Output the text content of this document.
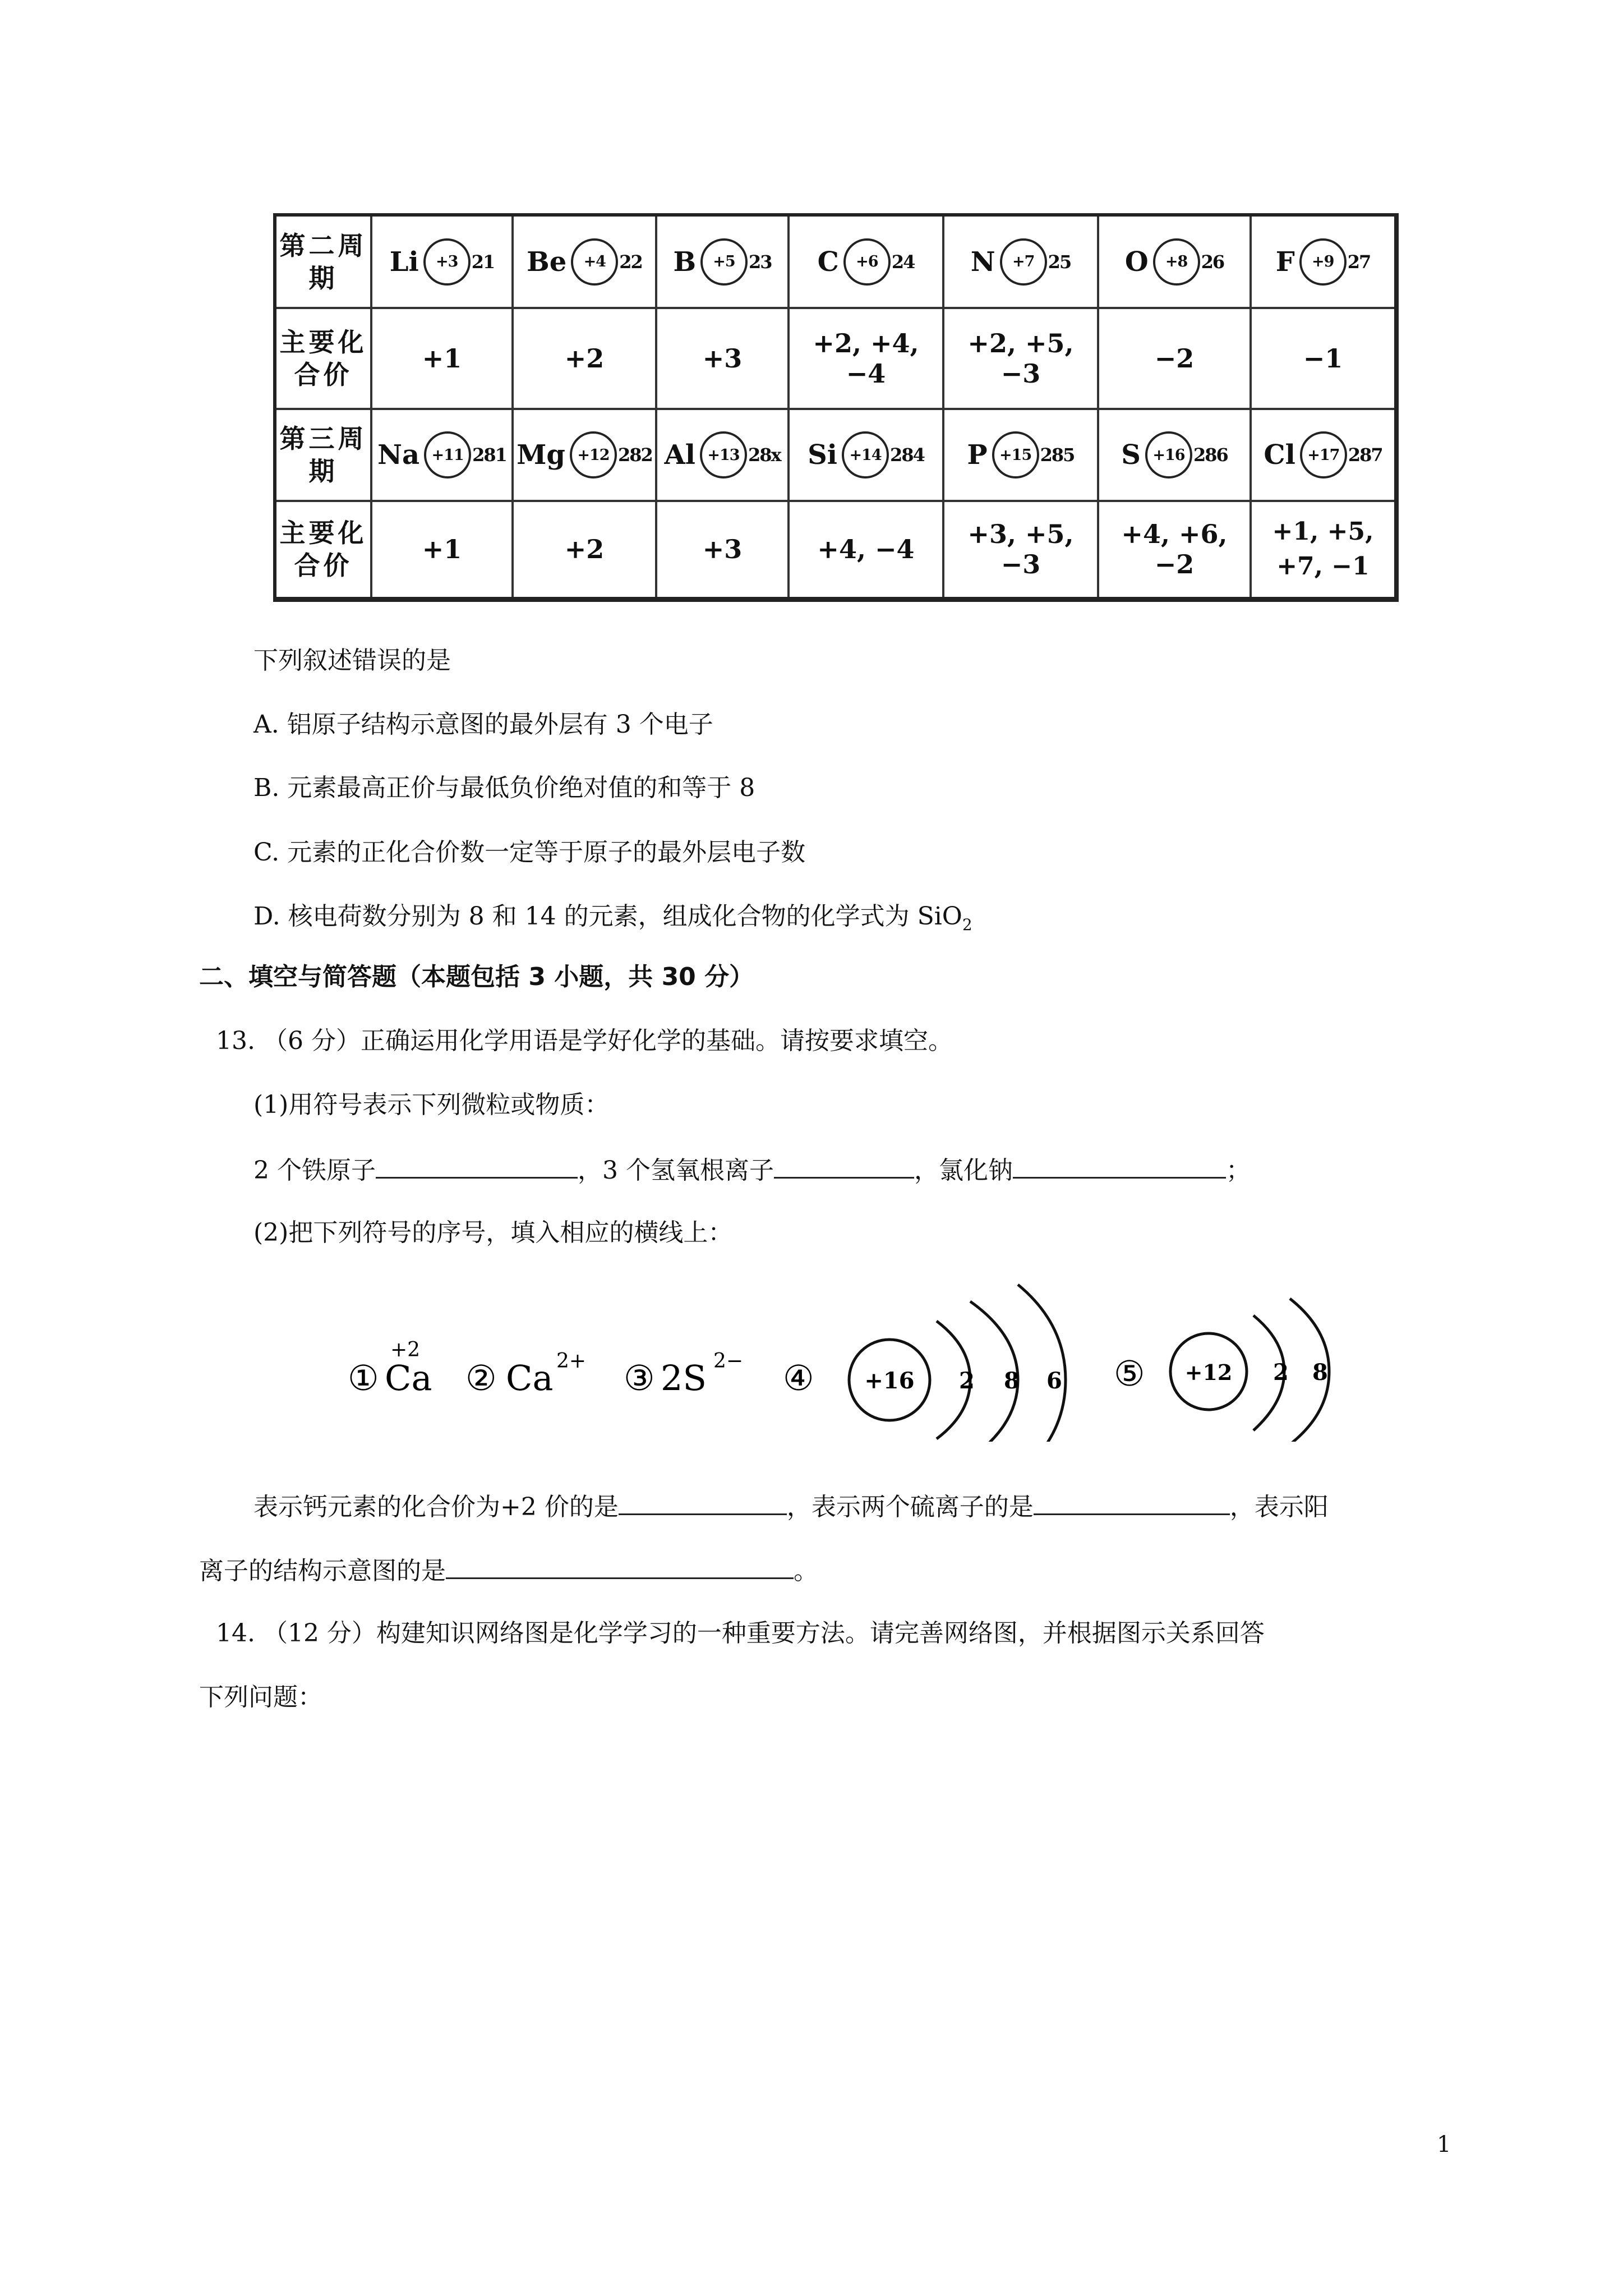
第二周期	Li +3 21	Be +4 22	B +5 23	C +6 24	N +7 25	O +8 26	F +9 27

主要化合价	+1	+2	+3	+2, +4, −4	+2, +5, −3	−2	−1
第三周期	Na +11 281	Mg +12 282	Al +13 28x	Si +14 284	P +15 285	S +16 286	Cl +17 287

主要化合价	+1	+2	+3	+4, −4	+3, +5, −3	+4, +6, −2	+1, +5, +7, −1
下列叙述错误的是
A. 铝原子结构示意图的最外层有 3 个电子
B. 元素最高正价与最低负价绝对值的和等于 8
C. 元素的正化合价数一定等于原子的最外层电子数
D. 核电荷数分别为 8 和 14 的元素，组成化合物的化学式为 SiO$_2$
二、填空与简答题（本题包括 3 小题，共 30 分）
13. （6 分）正确运用化学用语是学好化学的基础。请按要求填空。
(1)用符号表示下列微粒或物质：
2 个铁原子	，3 个氢氧根离子	，氯化钠	；
(2)把下列符号的序号，填入相应的横线上：
①
+2
Ca ② Ca 2+ ③ 2S 2− ④ +16 2 8 6 ⑤ +12 2 8
表示钙元素的化合价为+2 价的是	，表示两个硫离子的是	，表示阳
离子的结构示意图的是	。
14. （12 分）构建知识网络图是化学学习的一种重要方法。请完善网络图，并根据图示关系回答
下列问题：
1
